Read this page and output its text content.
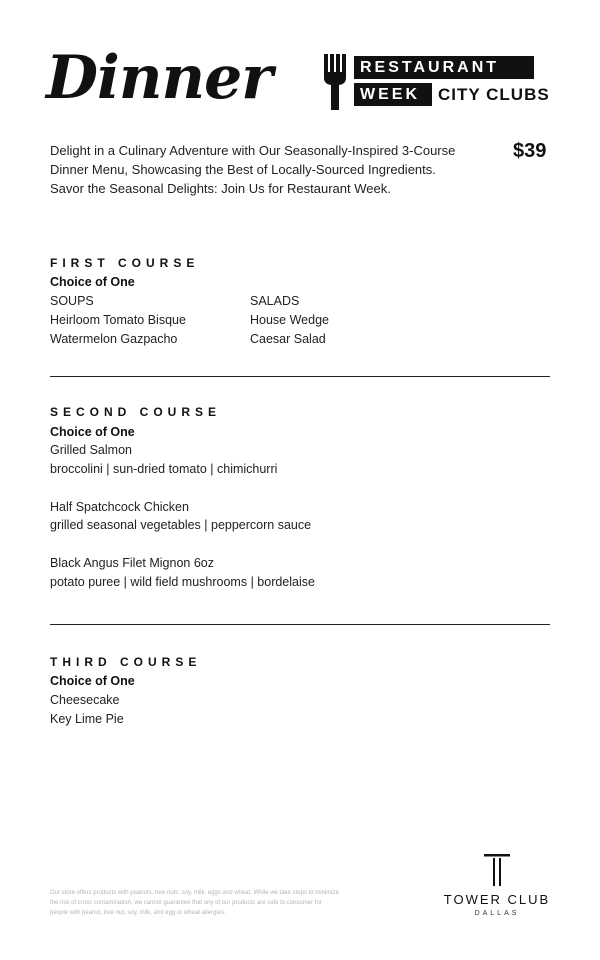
Dinner	RESTAURANT
WEEK	CITY CLUBS
Delight in a Culinary Adventure with Our Seasonally-Inspired 3-Course
Dinner Menu, Showcasing the Best of Locally-Sourced Ingredients.
Savor the Seasonal Delights: Join Us for Restaurant Week.
$39
FIRST COURSE
Choice of One
SOUPS
Heirloom Tomato Bisque
Watermelon Gazpacho
SALADS
House Wedge
Caesar Salad
SECOND COURSE
Choice of One
Grilled Salmon
broccolini | sun-dried tomato | chimichurri
Half Spatchcock Chicken
grilled seasonal vegetables | peppercorn sauce
Black Angus Filet Mignon 6oz
potato puree | wild field mushrooms | bordelaise
THIRD COURSE
Choice of One
Cheesecake
Key Lime Pie
Our store offers products with peanuts, tree nuts, soy, milk, eggs and wheat. While we take steps to minimize
the risk of cross contamination, we cannot guarantee that any of our products are safe to consumer for
people with peanut, tree nut, soy, milk, and egg or wheat allergies.
TOWER CLUB
DALLAS
